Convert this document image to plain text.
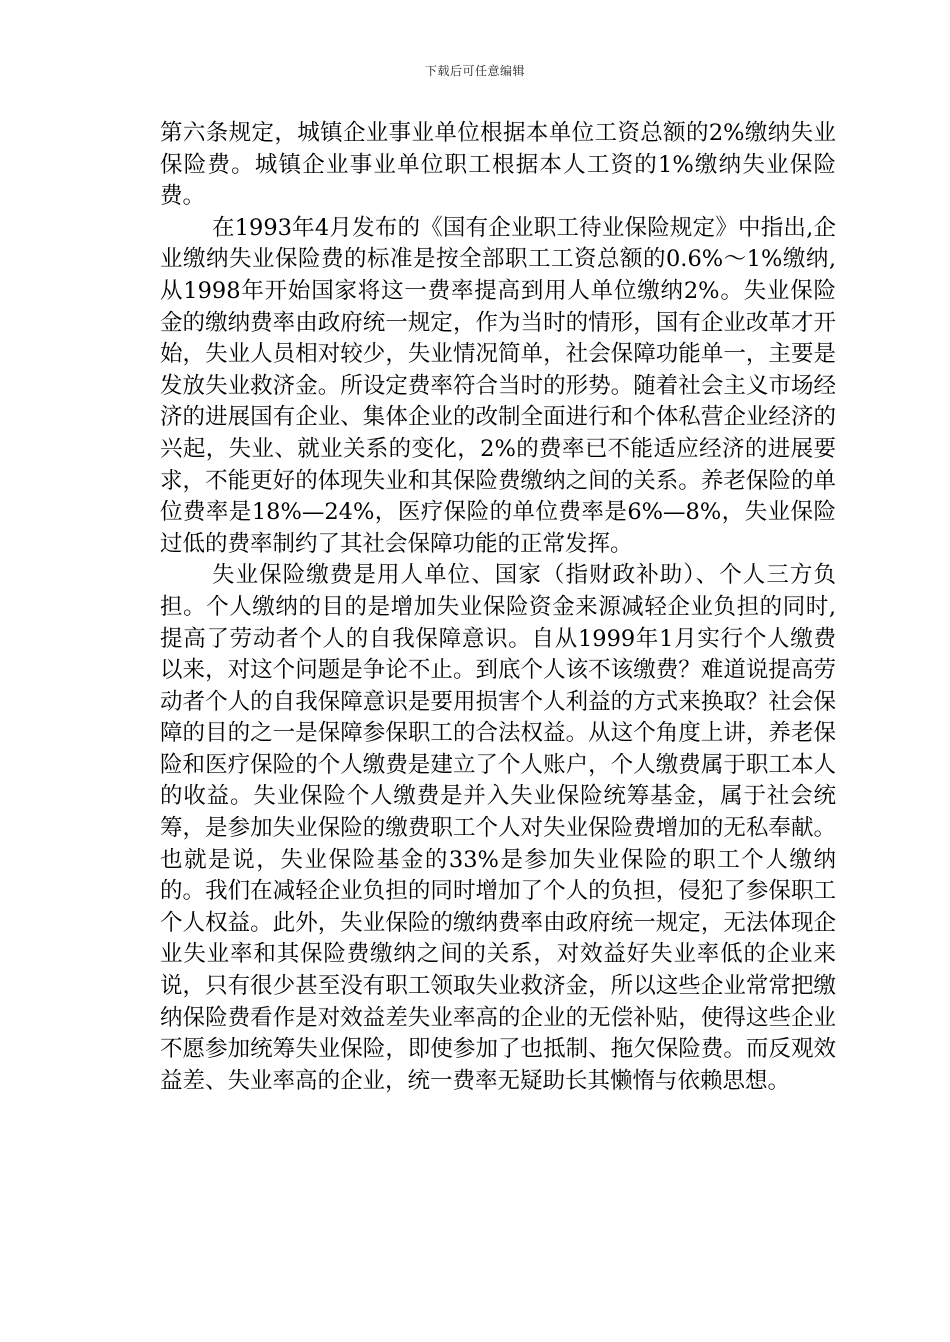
下载后可任意编辑

第六条规定，城镇企业事业单位根据本单位工资总额的2%缴纳失业保险费。城镇企业事业单位职工根据本人工资的1%缴纳失业保险费。

在1993年4月发布的《国有企业职工待业保险规定》中指出,企业缴纳失业保险费的标准是按全部职工工资总额的0.6%～1%缴纳,从1998年开始国家将这一费率提高到用人单位缴纳2%。失业保险金的缴纳费率由政府统一规定，作为当时的情形，国有企业改革才开始，失业人员相对较少，失业情况简单，社会保障功能单一，主要是发放失业救济金。所设定费率符合当时的形势。随着社会主义市场经济的进展国有企业、集体企业的改制全面进行和个体私营企业经济的兴起，失业、就业关系的变化，2%的费率已不能适应经济的进展要求，不能更好的体现失业和其保险费缴纳之间的关系。养老保险的单位费率是18%—24%，医疗保险的单位费率是6%—8%，失业保险过低的费率制约了其社会保障功能的正常发挥。

失业保险缴费是用人单位、国家（指财政补助）、个人三方负担。个人缴纳的目的是增加失业保险资金来源减轻企业负担的同时,提高了劳动者个人的自我保障意识。自从1999年1月实行个人缴费以来，对这个问题是争论不止。到底个人该不该缴费？难道说提高劳动者个人的自我保障意识是要用损害个人利益的方式来换取？社会保障的目的之一是保障参保职工的合法权益。从这个角度上讲，养老保险和医疗保险的个人缴费是建立了个人账户，个人缴费属于职工本人的收益。失业保险个人缴费是并入失业保险统筹基金，属于社会统筹，是参加失业保险的缴费职工个人对失业保险费增加的无私奉献。也就是说，失业保险基金的33%是参加失业保险的职工个人缴纳的。我们在减轻企业负担的同时增加了个人的负担，侵犯了参保职工个人权益。此外，失业保险的缴纳费率由政府统一规定，无法体现企业失业率和其保险费缴纳之间的关系，对效益好失业率低的企业来说，只有很少甚至没有职工领取失业救济金，所以这些企业常常把缴纳保险费看作是对效益差失业率高的企业的无偿补贴，使得这些企业不愿参加统筹失业保险，即使参加了也抵制、拖欠保险费。而反观效益差、失业率高的企业，统一费率无疑助长其懒惰与依赖思想。
